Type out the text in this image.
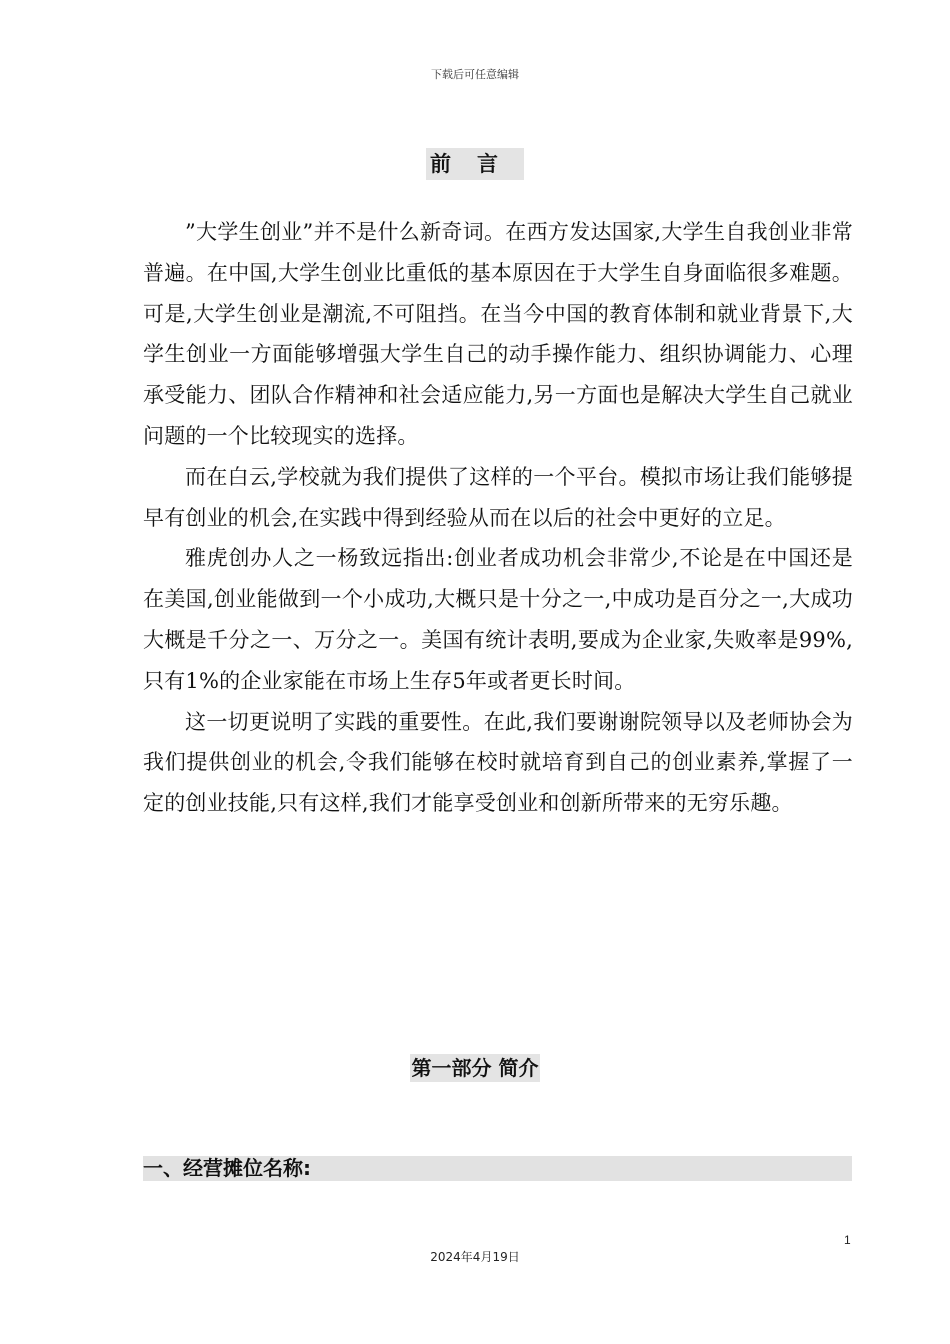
下载后可任意编辑
前言

”大学生创业”并不是什么新奇词。在西方发达国家,大学生自我创业非常普遍。在中国,大学生创业比重低的基本原因在于大学生自身面临很多难题。可是,大学生创业是潮流,不可阻挡。在当今中国的教育体制和就业背景下,大学生创业一方面能够增强大学生自己的动手操作能力、组织协调能力、心理承受能力、团队合作精神和社会适应能力,另一方面也是解决大学生自己就业问题的一个比较现实的选择。

而在白云,学校就为我们提供了这样的一个平台。模拟市场让我们能够提早有创业的机会,在实践中得到经验从而在以后的社会中更好的立足。

雅虎创办人之一杨致远指出:创业者成功机会非常少,不论是在中国还是在美国,创业能做到一个小成功,大概只是十分之一,中成功是百分之一,大成功大概是千分之一、万分之一。美国有统计表明,要成为企业家,失败率是99%,只有1%的企业家能在市场上生存5年或者更长时间。

这一切更说明了实践的重要性。在此,我们要谢谢院领导以及老师协会为我们提供创业的机会,令我们能够在校时就培育到自己的创业素养,掌握了一定的创业技能,只有这样,我们才能享受创业和创新所带来的无穷乐趣。

第一部分 简介
一、经营摊位名称:
1
2024年4月19日
